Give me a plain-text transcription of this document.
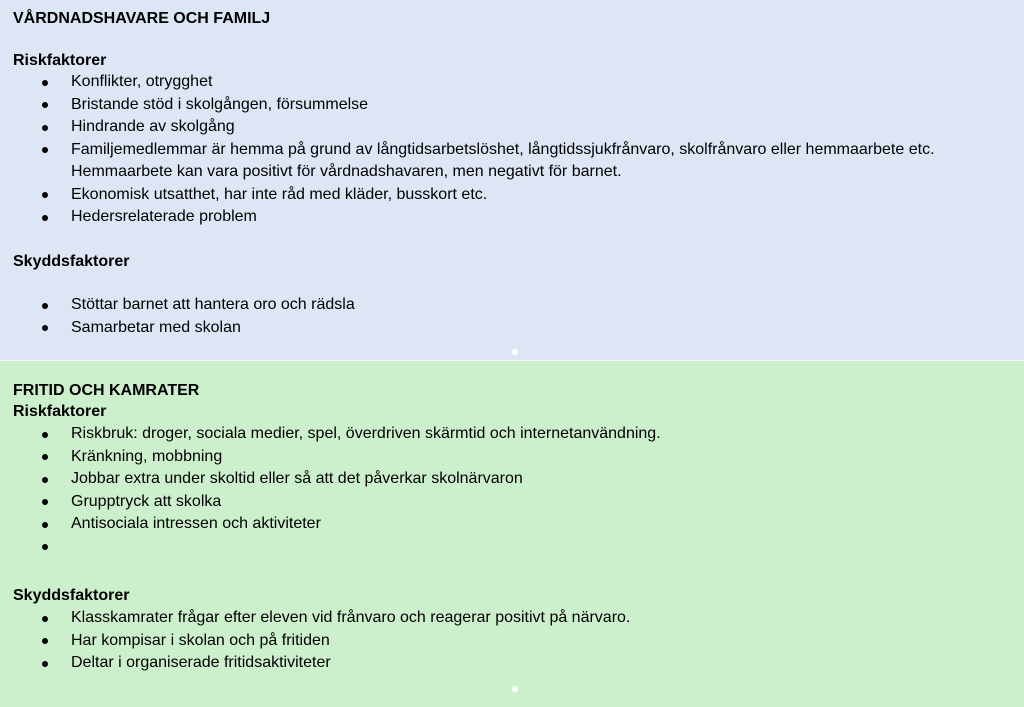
VÅRDNADSHAVARE OCH FAMILJ
Riskfaktorer
Konflikter, otrygghet
Bristande stöd i skolgången, försummelse
Hindrande av skolgång
Familjemedlemmar är hemma på grund av långtidsarbetslöshet, långtidssjukfrånvaro, skolfrånvaro eller hemmaarbete etc. Hemmaarbete kan vara positivt för vårdnadshavaren, men negativt för barnet.
Ekonomisk utsatthet, har inte råd med kläder, busskort etc.
Hedersrelaterade problem
Skyddsfaktorer
Stöttar barnet att hantera oro och rädsla
Samarbetar med skolan
FRITID OCH KAMRATER
Riskfaktorer
Riskbruk: droger, sociala medier, spel, överdriven skärmtid och internetanvändning.
Kränkning, mobbning
Jobbar extra under skoltid eller så att det påverkar skolnärvaron
Grupptryck att skolka
Antisociala intressen och aktiviteter
Skyddsfaktorer
Klasskamrater frågar efter eleven vid frånvaro och reagerar positivt på närvaro.
Har kompisar i skolan och på fritiden
Deltar i organiserade fritidsaktiviteter
